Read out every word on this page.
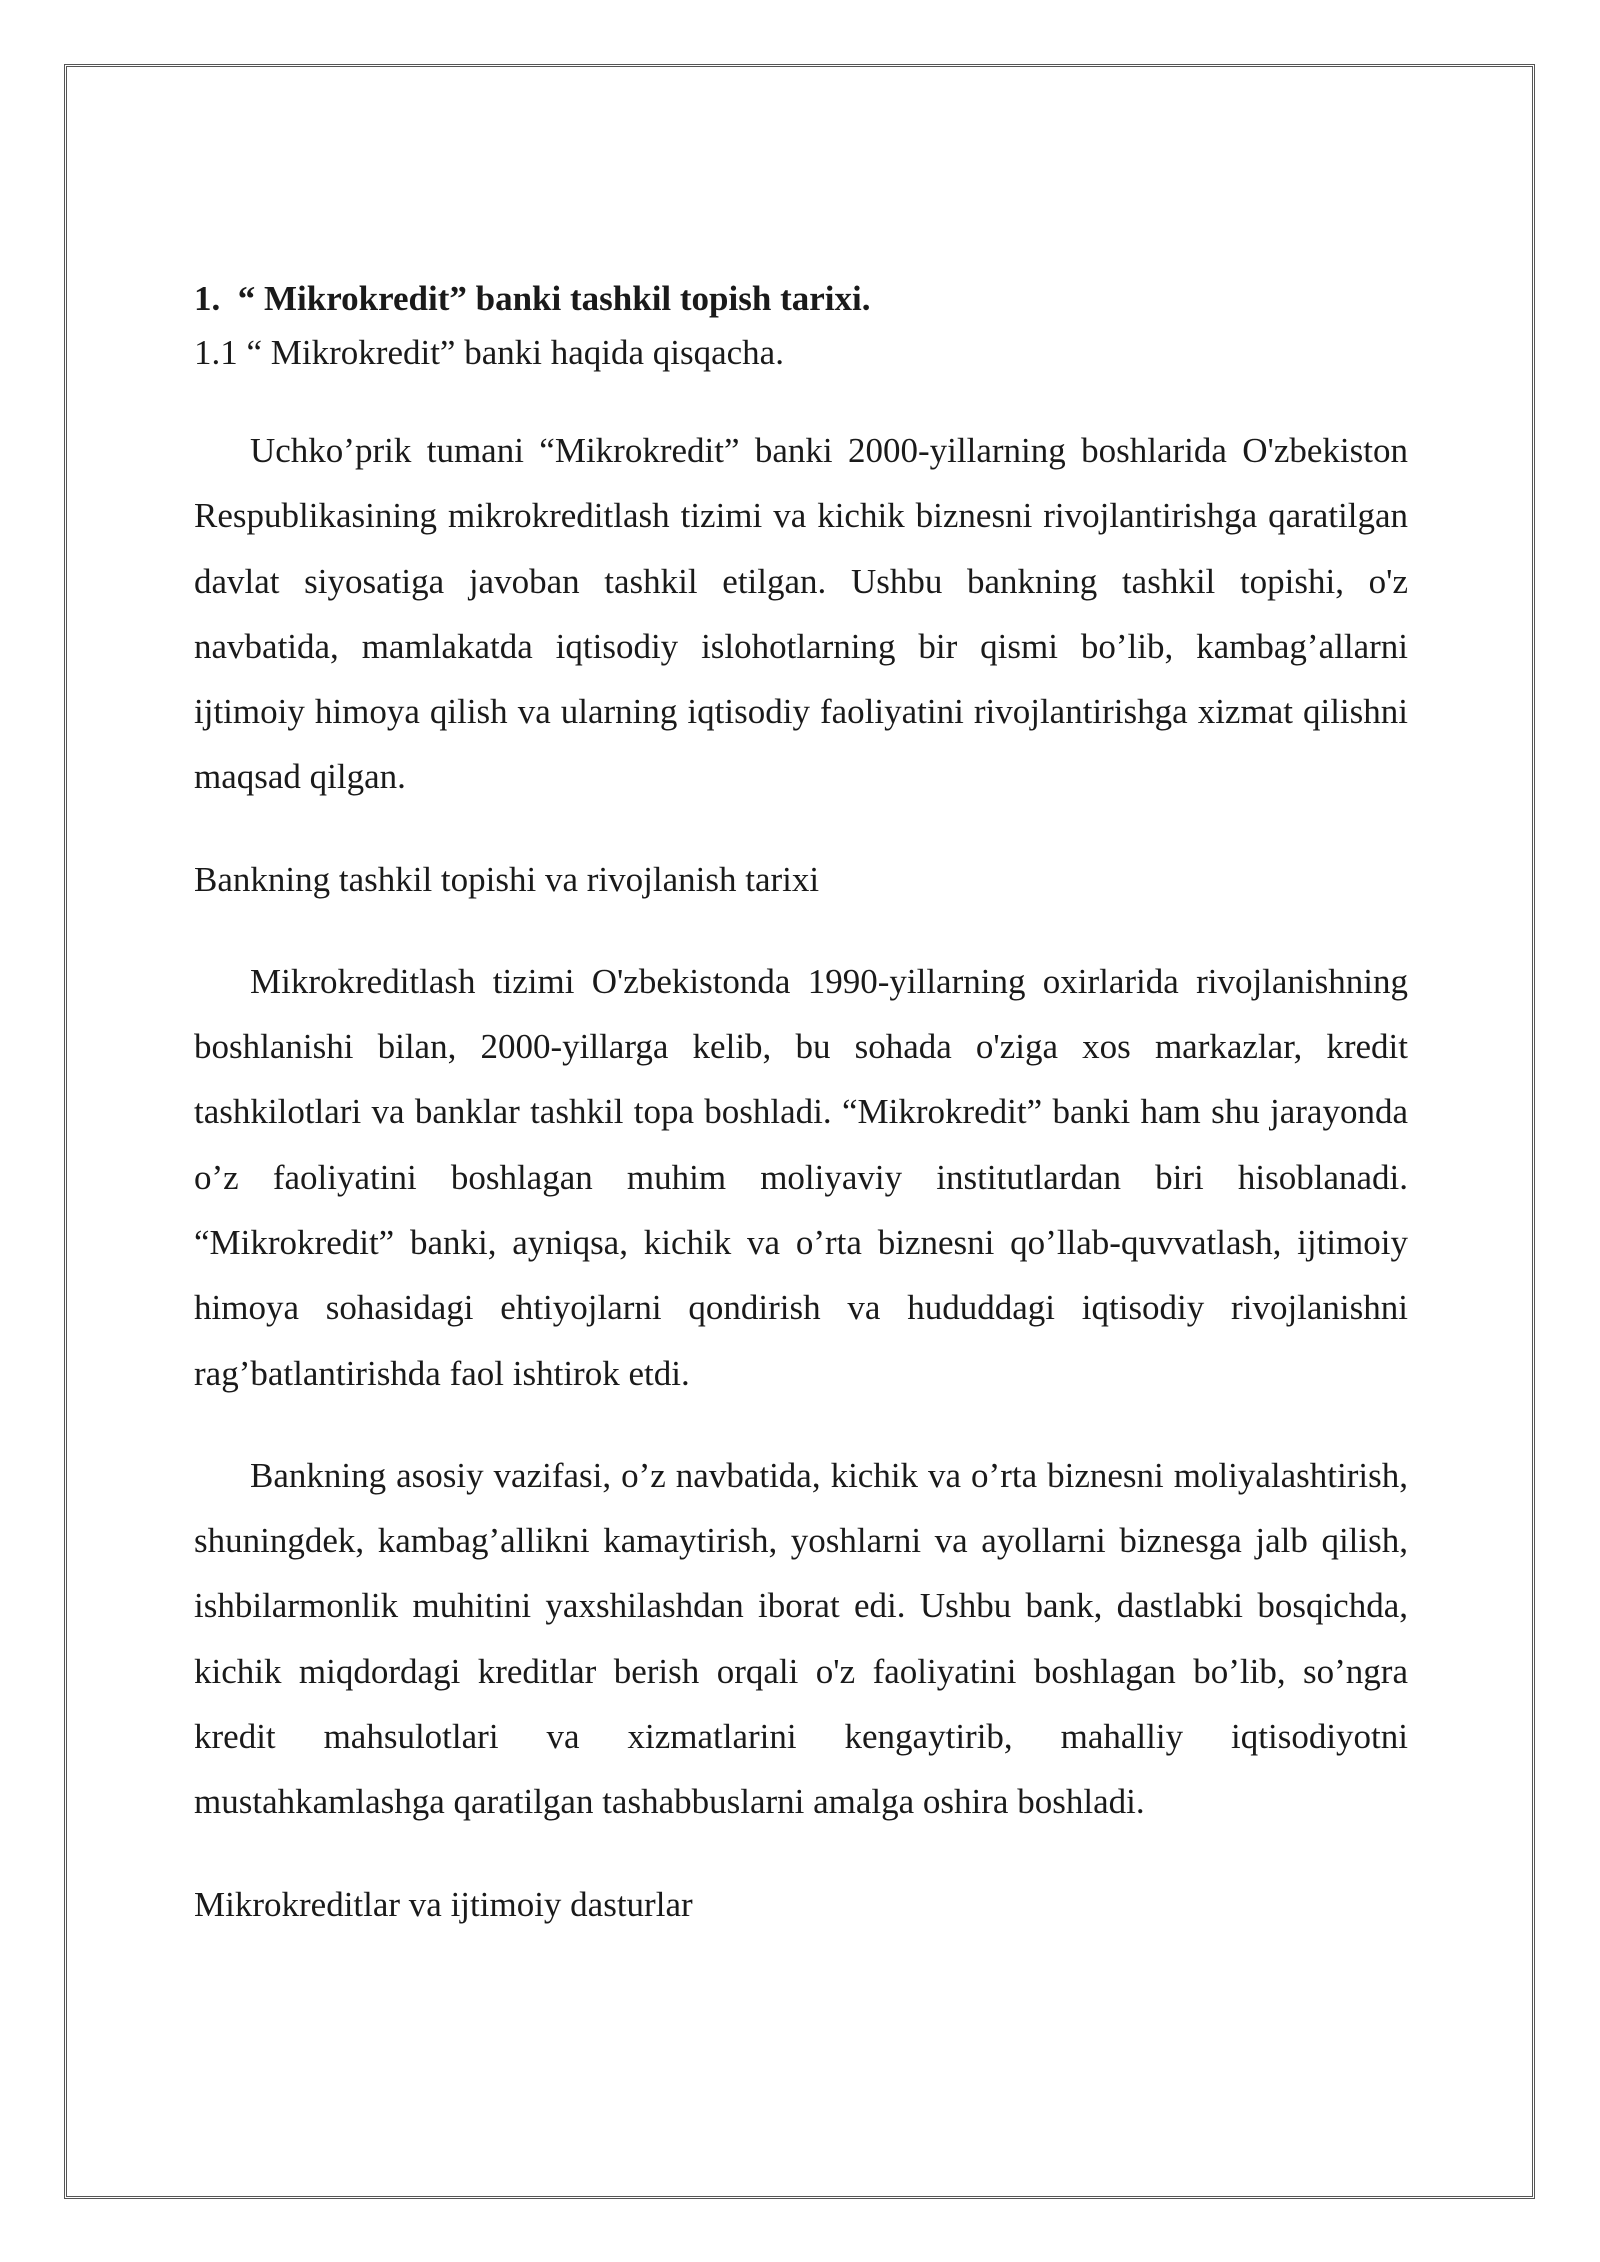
1.  “ Mikrokredit” banki tashkil topish tarixi.

1.1 “ Mikrokredit” banki haqida qisqacha.

Uchko’prik tumani “Mikrokredit” banki 2000-yillarning boshlarida O'zbekiston Respublikasining mikrokreditlash tizimi va kichik biznesni rivojlantirishga qaratilgan davlat siyosatiga javoban tashkil etilgan. Ushbu bankning tashkil topishi, o'z navbatida, mamlakatda iqtisodiy islohotlarning bir qismi bo’lib, kambag’allarni ijtimoiy himoya qilish va ularning iqtisodiy faoliyatini rivojlantirishga xizmat qilishni maqsad qilgan.

Bankning tashkil topishi va rivojlanish tarixi

Mikrokreditlash tizimi O'zbekistonda 1990-yillarning oxirlarida rivojlanishning boshlanishi bilan, 2000-yillarga kelib, bu sohada o'ziga xos markazlar, kredit tashkilotlari va banklar tashkil topa boshladi. “Mikrokredit” banki ham shu jarayonda o’z faoliyatini boshlagan muhim moliyaviy institutlardan biri hisoblanadi. “Mikrokredit” banki, ayniqsa, kichik va o’rta biznesni qo’llab-quvvatlash, ijtimoiy himoya sohasidagi ehtiyojlarni qondirish va hududdagi iqtisodiy rivojlanishni rag’batlantirishda faol ishtirok etdi.

Bankning asosiy vazifasi, o’z navbatida, kichik va o’rta biznesni moliyalashtirish, shuningdek, kambag’allikni kamaytirish, yoshlarni va ayollarni biznesga jalb qilish, ishbilarmonlik muhitini yaxshilashdan iborat edi. Ushbu bank, dastlabki bosqichda, kichik miqdordagi kreditlar berish orqali o'z faoliyatini boshlagan bo’lib, so’ngra kredit mahsulotlari va xizmatlarini kengaytirib, mahalliy iqtisodiyotni mustahkamlashga qaratilgan tashabbuslarni amalga oshira boshladi.

Mikrokreditlar va ijtimoiy dasturlar
